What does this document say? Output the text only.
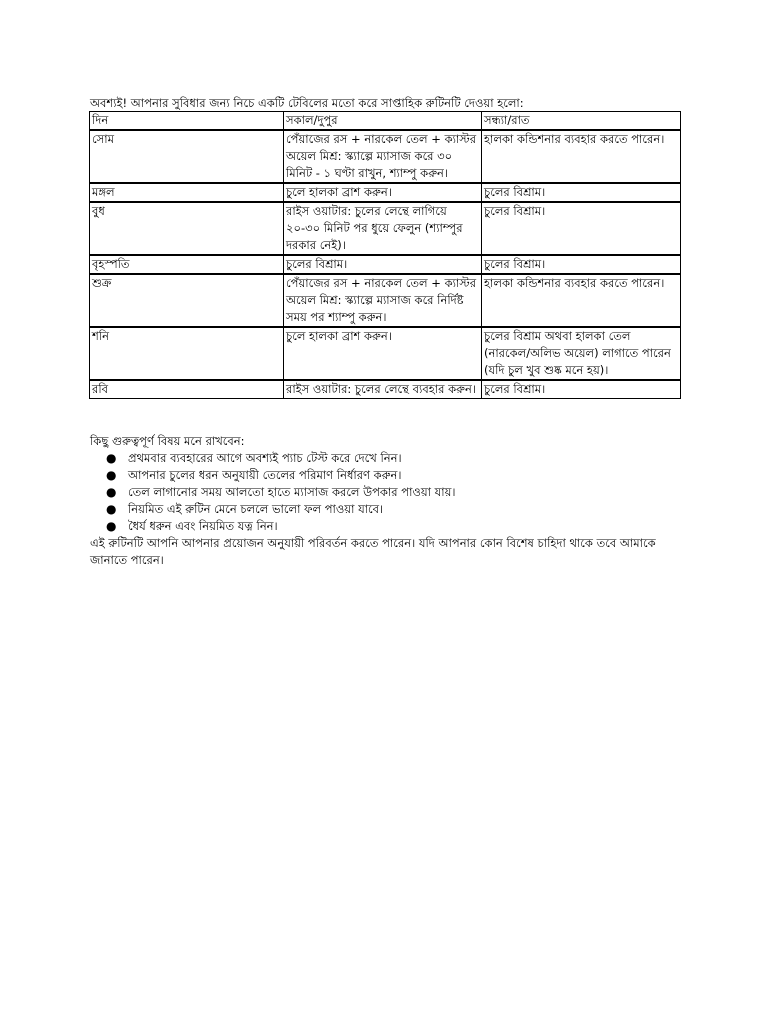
অবশ্যই! আপনার সুবিধার জন্য নিচে একটি টেবিলের মতো করে সাপ্তাহিক রুটিনটি দেওয়া হলো:
দিন	সকাল/দুপুর	সন্ধ্যা/রাত
সোম	পেঁয়াজের রস + নারকেল তেল + ক্যাস্টর অয়েল মিশ্র: স্ক্যাল্পে ম্যাসাজ করে ৩০ মিনিট - ১ ঘণ্টা রাখুন, শ্যাম্পু করুন।	হালকা কন্ডিশনার ব্যবহার করতে পারেন।
মঙ্গল	চুলে হালকা ব্রাশ করুন।	চুলের বিশ্রাম।
বুধ	রাইস ওয়াটার: চুলের লেন্থে লাগিয়ে ২০-৩০ মিনিট পর ধুয়ে ফেলুন (শ্যাম্পুর দরকার নেই)।	চুলের বিশ্রাম।
বৃহস্পতি	চুলের বিশ্রাম।	চুলের বিশ্রাম।
শুক্র	পেঁয়াজের রস + নারকেল তেল + ক্যাস্টর অয়েল মিশ্র: স্ক্যাল্পে ম্যাসাজ করে নির্দিষ্ট সময় পর শ্যাম্পু করুন।	হালকা কন্ডিশনার ব্যবহার করতে পারেন।
শনি	চুলে হালকা ব্রাশ করুন।	চুলের বিশ্রাম অথবা হালকা তেল (নারকেল/অলিভ অয়েল) লাগাতে পারেন (যদি চুল খুব শুষ্ক মনে হয়)।
রবি	রাইস ওয়াটার: চুলের লেন্থে ব্যবহার করুন।	চুলের বিশ্রাম।

কিছু গুরুত্বপূর্ণ বিষয় মনে রাখবেন:

● প্রথমবার ব্যবহারের আগে অবশ্যই প্যাচ টেস্ট করে দেখে নিন।
● আপনার চুলের ধরন অনুযায়ী তেলের পরিমাণ নির্ধারণ করুন।
● তেল লাগানোর সময় আলতো হাতে ম্যাসাজ করলে উপকার পাওয়া যায়।
● নিয়মিত এই রুটিন মেনে চললে ভালো ফল পাওয়া যাবে।
● ধৈর্য ধরুন এবং নিয়মিত যত্ন নিন।

এই রুটিনটি আপনি আপনার প্রয়োজন অনুযায়ী পরিবর্তন করতে পারেন। যদি আপনার কোন বিশেষ চাহিদা থাকে তবে আমাকে জানাতে পারেন।
